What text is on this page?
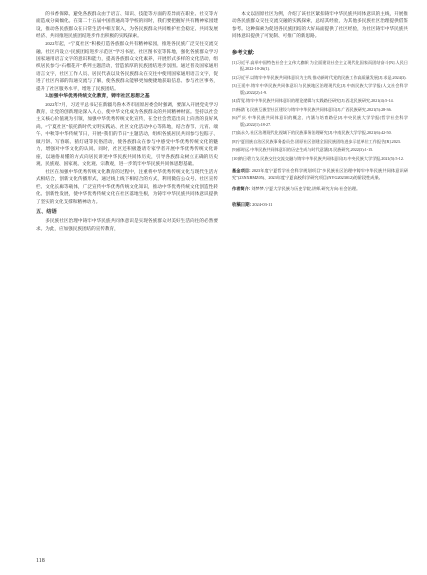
的书香保障。避免各族群众由于语言、知识、技能等方面的差异而在职业、社交等方面造成分离倾化。在第二十五届中国普通高等学校的同时，我们要把握好共有精神家园建设，推动各民族群众在日常生活中相互嵌入，为各民族群众共同维护社会稳定、共同发展经济、共同推进民族团结进步作出积极的实践探索。

2022年起，“宁夏社区”积极打造各族群众共有精神家园，推进各民族广泛交往交流交融。社区内设立“民族团结进步示范区”学习书屋、社区图书室等阵地，强化各族群众学习国家通用语言文字的意识和能力，提高各族群众文化素养，开展形式多样的文化活动，组织居民参与“石榴花开”系列主题活动，营造浓厚的民族团结进步氛围。通过普及国家通用语言文字，社区工作人员、居民代表以及各民族群众在交往中使用国家通用语言文字，促进了社区内部的沟通交流与了解，使各族群众能够更加便捷地获取信息、参与社区事务，提升了社区服务水平，增进了民族团结。

3.加强中华优秀传统文化教育，铸牢社区思想之基

2022年7月，习近平总书记在新疆乌鲁木齐市固原居委会时强调，要深入开展党史学习教育，让党的创新理论深入人心，使中华文化成为各族群众的共同精神财富。坚持以社会主义核心价值观为引领，加强中华优秀传统文化宣传，在全社会营造出向上向善的良好风尚。“宁夏社区”依托新时代文明实践站、社区文化活动中心等阵地，结合春节、元宵、端午、中秋等中华传统节日，开展“我们的节日”主题活动，组织各族居民共同参与包粽子、做月饼、写春联、猜灯谜等民俗活动，使各族群众在参与中感受中华优秀传统文化的魅力，增强对中华文化的认同。同时，社区还积极邀请专家学者开展中华优秀传统文化讲座，以通俗易懂的方式向居民讲述中华民族共同体历史，引导各族群众树立正确的历史观、民族观、国家观、文化观、宗教观，进一步筑牢中华民族共同体思想基础。

社区在加强中华优秀传统文化教育的过程中，注重将中华优秀传统文化与现代生活方式相结合，创新文化传播形式，通过线上线下相结合的方式，利用微信公众号、社区宣传栏、文化长廊等载体，广泛宣传中华优秀传统文化知识，推动中华优秀传统文化创造性转化、创新性发展，使中华优秀传统文化在社区落地生根，为铸牢中华民族共同体意识提供了坚实的文化支撑和精神动力。

五、结语

多民族社区治理中铸牢中华民族共同体意识是实现各族群众对美好生活向往的必然要求。为此，应加强民族团结的宣传教育，

本文以固原社区为例，介绍了该社区紧扣铸牢中华民族共同体意识的主线，开展推动各民族群众交往交流交融的实践探索，总结其经验，为其他多民族社区治理提供借鉴参考。这种探索为促进各民族团结的大好局面提供了社区经验，为社区铸牢中华民族共同体意识提供了可复制、可推广的新思路。

参考文献:

[1]习近平.高举中国特色社会主义伟大旗帜 为全面建设社会主义现代化国家而团结奋斗[N].人民日报,2022-10-26(1).

[2]习近平.以铸牢中华民族共同体意识为主线 推动新时代党的民族工作高质量发展[J].求是,2024(3).

[3]王延中.铸牢中华民族共同体意识与民族地区治理现代化[J].中南民族大学学报(人文社会科学版),2022(2):1-9.

[4]青觉.铸牢中华民族共同体意识的理论逻辑与实践路径研究[J].西北民族研究,2021(4):5-14.

[5]杨鹍飞.民族互嵌型社区建设与铸牢中华民族共同体意识[J].广西民族研究,2021(5):28-36.

[6]严庆.中华民族共同体意识的概念、内涵与培育路径[J].中央民族大学学报(哲学社会科学版),2022(1):18-27.

[7]高永久.社区治理现代化视域下的民族事务治理研究[J].中南民族大学学报,2021(6):42-50.

[8]宁夏回族自治区民族事务委员会.固原社区创建全国民族团结进步示范单位工作报告[R].2023.

[9]郝时远.中华民族共同体意识的历史生成与时代意涵[J].民族研究,2022(3):1-15.

[10]纳日碧力戈.民族交往交流交融与铸牢中华民族共同体意识[J].中央民族大学学报,2021(5):5-12.

基金项目: 2023年度宁夏哲学社会科学规划项目"多民族社区治理中铸牢中华民族共同体意识研究"(23NXBMZ05)、2023年度宁夏高校科学研究项目(NYG2023012)的阶段性成果。

作者简介: 刘梦梦,宁夏大学民族与历史学院,讲师,研究方向:社会治理。

收稿日期: 2024-03-11

118
